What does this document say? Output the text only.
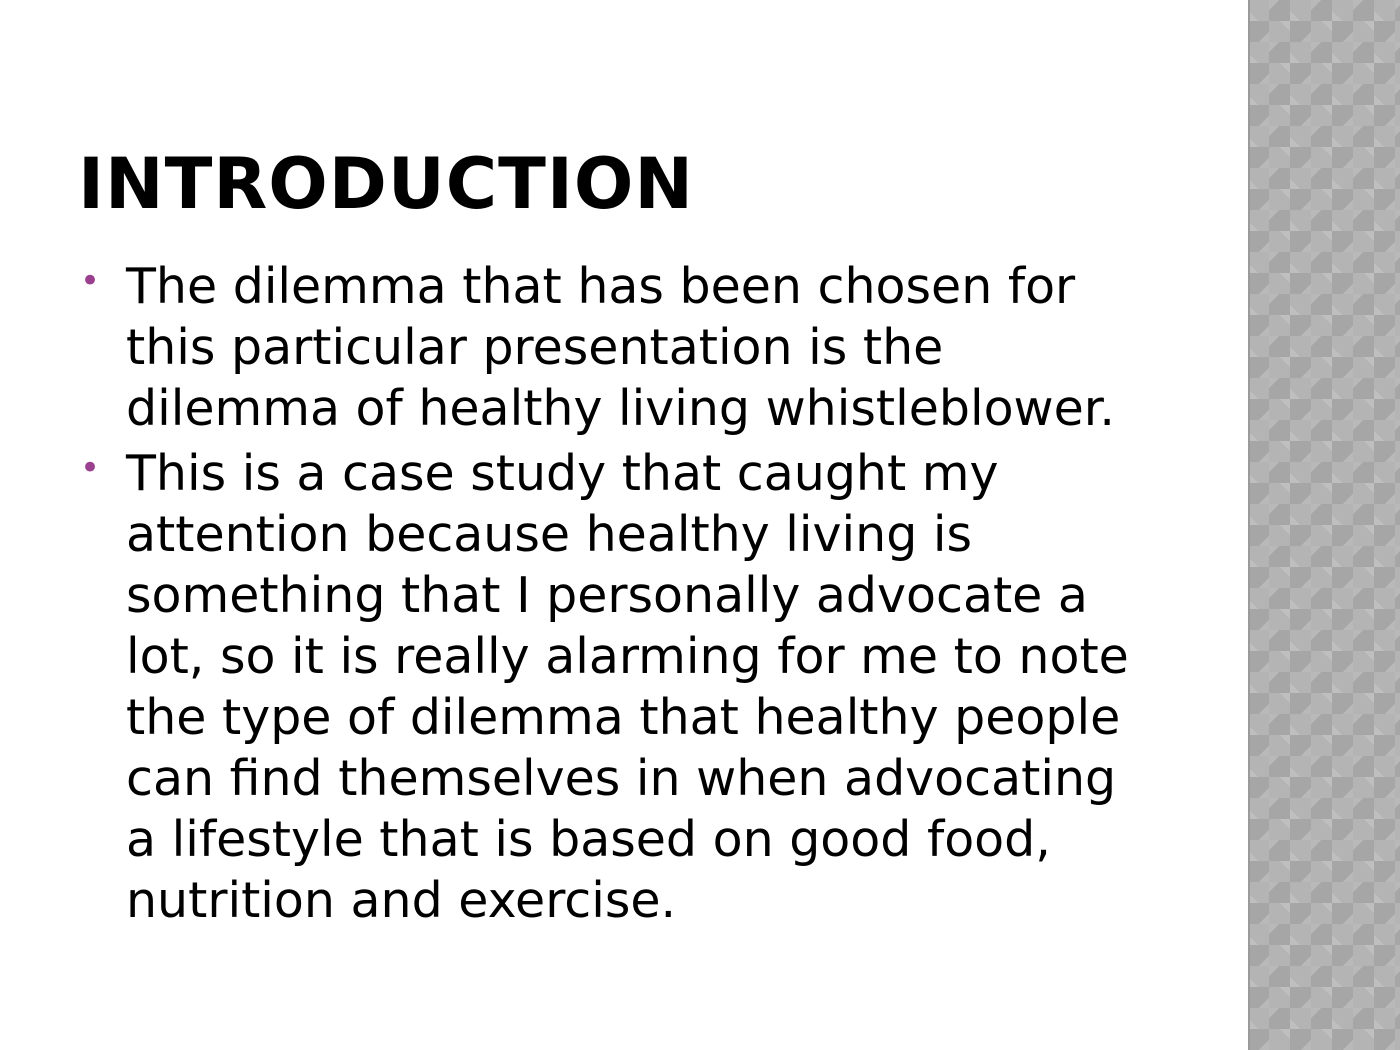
INTRODUCTION
• The dilemma that has been chosen for
this particular presentation is the
dilemma of healthy living whistleblower.
• This is a case study that caught my
attention because healthy living is
something that I personally advocate a
lot, so it is really alarming for me to note
the type of dilemma that healthy people
can find themselves in when advocating
a lifestyle that is based on good food,
nutrition and exercise.
